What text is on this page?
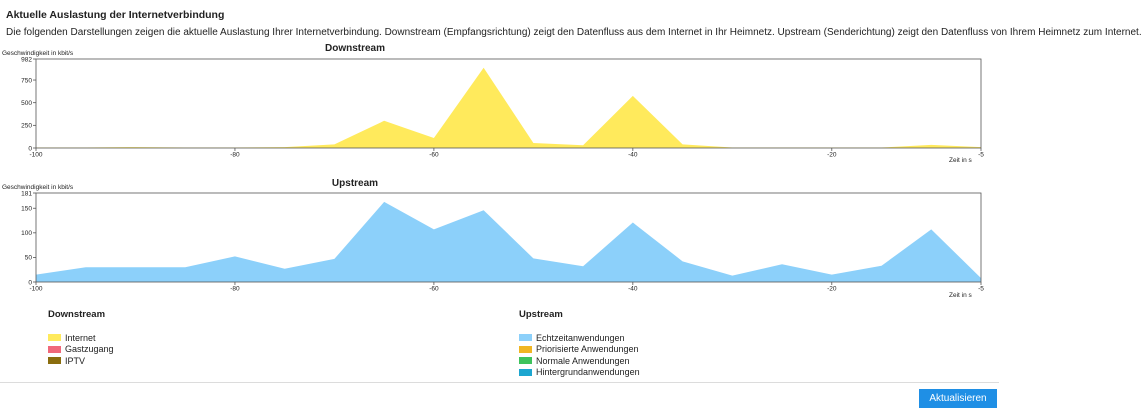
Aktuelle Auslastung der Internetverbindung
Die folgenden Darstellungen zeigen die aktuelle Auslastung Ihrer Internetverbindung. Downstream (Empfangsrichtung) zeigt den Datenfluss aus dem Internet in Ihr Heimnetz. Upstream (Senderichtung) zeigt den Datenfluss von Ihrem Heimnetz zum Internet.
Downstream
Geschwindigkeit in kbit/s
Zeit in s
0
250
500
750
982
-100	-80	-60	-40	-20	-5
Upstream
Geschwindigkeit in kbit/s
Zeit in s
0
50
100
150
181
-100	-80	-60	-40	-20	-5
Downstream
Internet
Gastzugang
IPTV
Upstream
Echtzeitanwendungen
Priorisierte Anwendungen
Normale Anwendungen
Hintergrundanwendungen
Aktualisieren
